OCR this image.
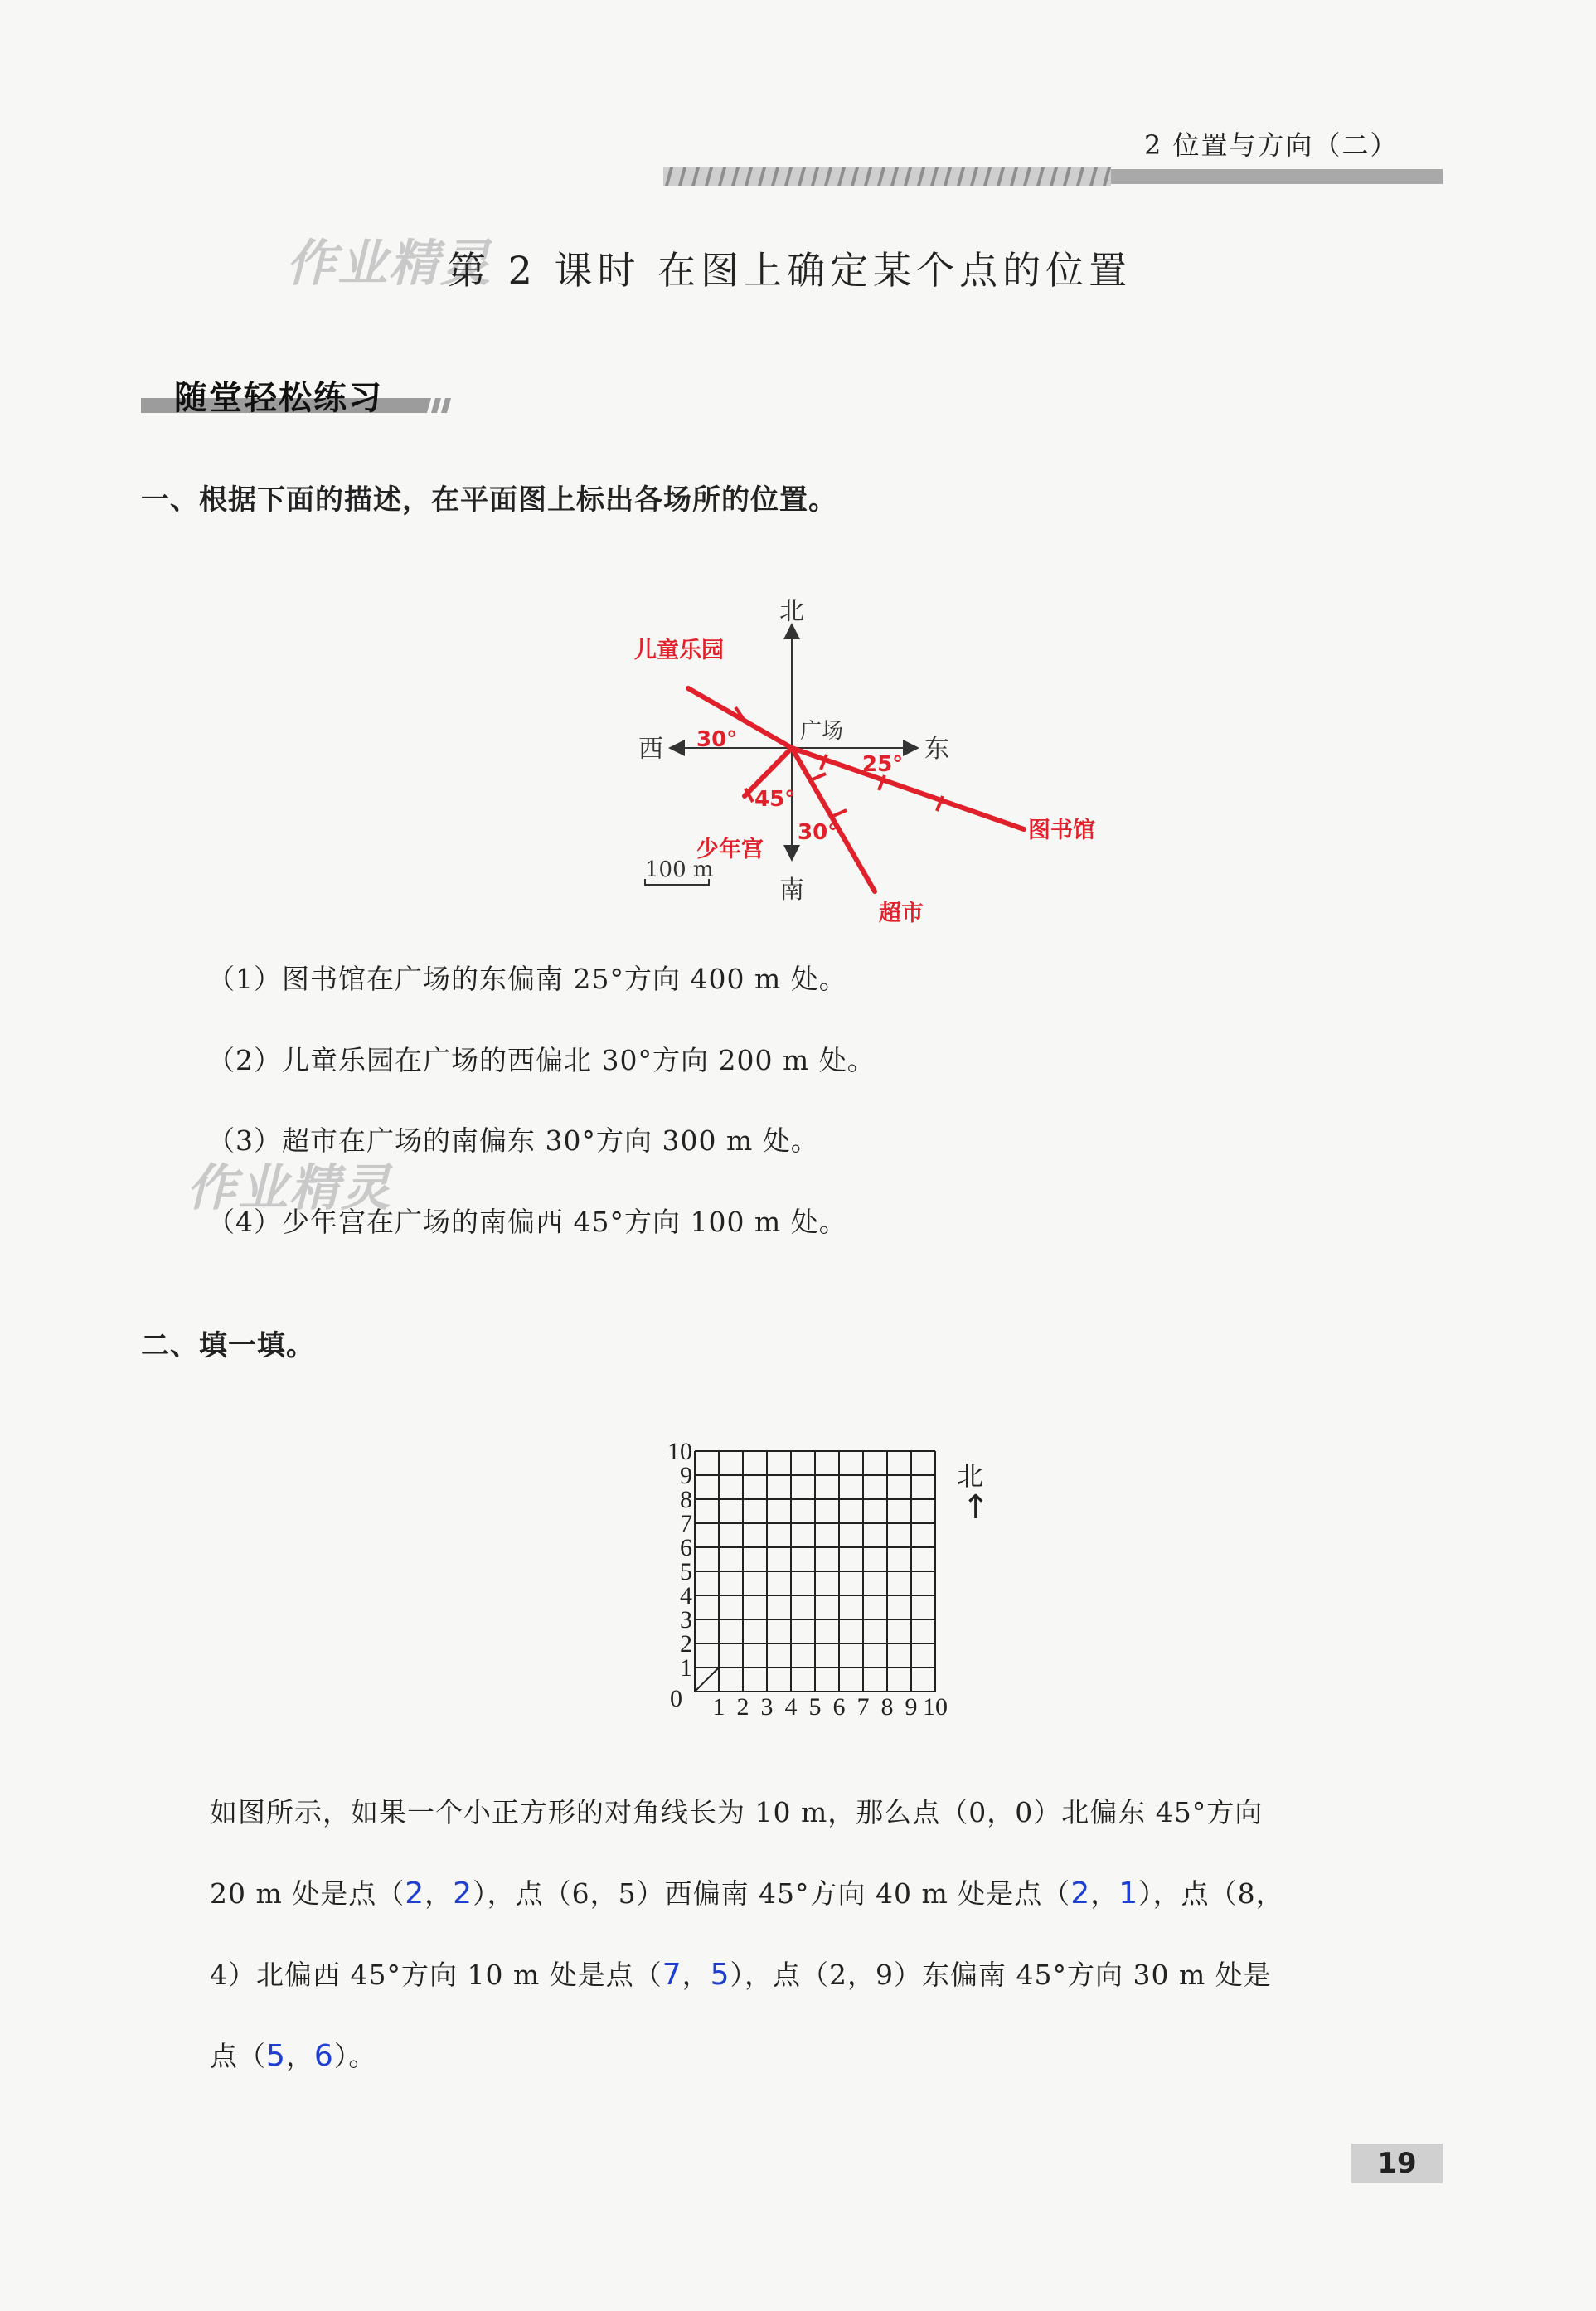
2 位置与方向（二）
作业精灵
第 2 课时 在图上确定某个点的位置
随堂轻松练习
一、根据下面的描述，在平面图上标出各场所的位置。
北
南
东
西
广场
儿童乐园
图书馆
超市
少年宫
30°
25°
45°
30°
100 m
（1）图书馆在广场的东偏南 25°方向 400 m 处。
（2）儿童乐园在广场的西偏北 30°方向 200 m 处。
（3）超市在广场的南偏东 30°方向 300 m 处。
（4）少年宫在广场的南偏西 45°方向 100 m 处。
作业精灵
二、填一填。
0 1 2 3 4 5 6 7 8 9 10
1
2
3
4
5
6
7
8
9
10
北
↑
如图所示，如果一个小正方形的对角线长为 10 m，那么点（0，0）北偏东 45°方向
20 m 处是点（2，2），点（6，5）西偏南 45°方向 40 m 处是点（2，1），点（8，
4）北偏西 45°方向 10 m 处是点（7，5），点（2，9）东偏南 45°方向 30 m 处是
点（5，6）。
19
